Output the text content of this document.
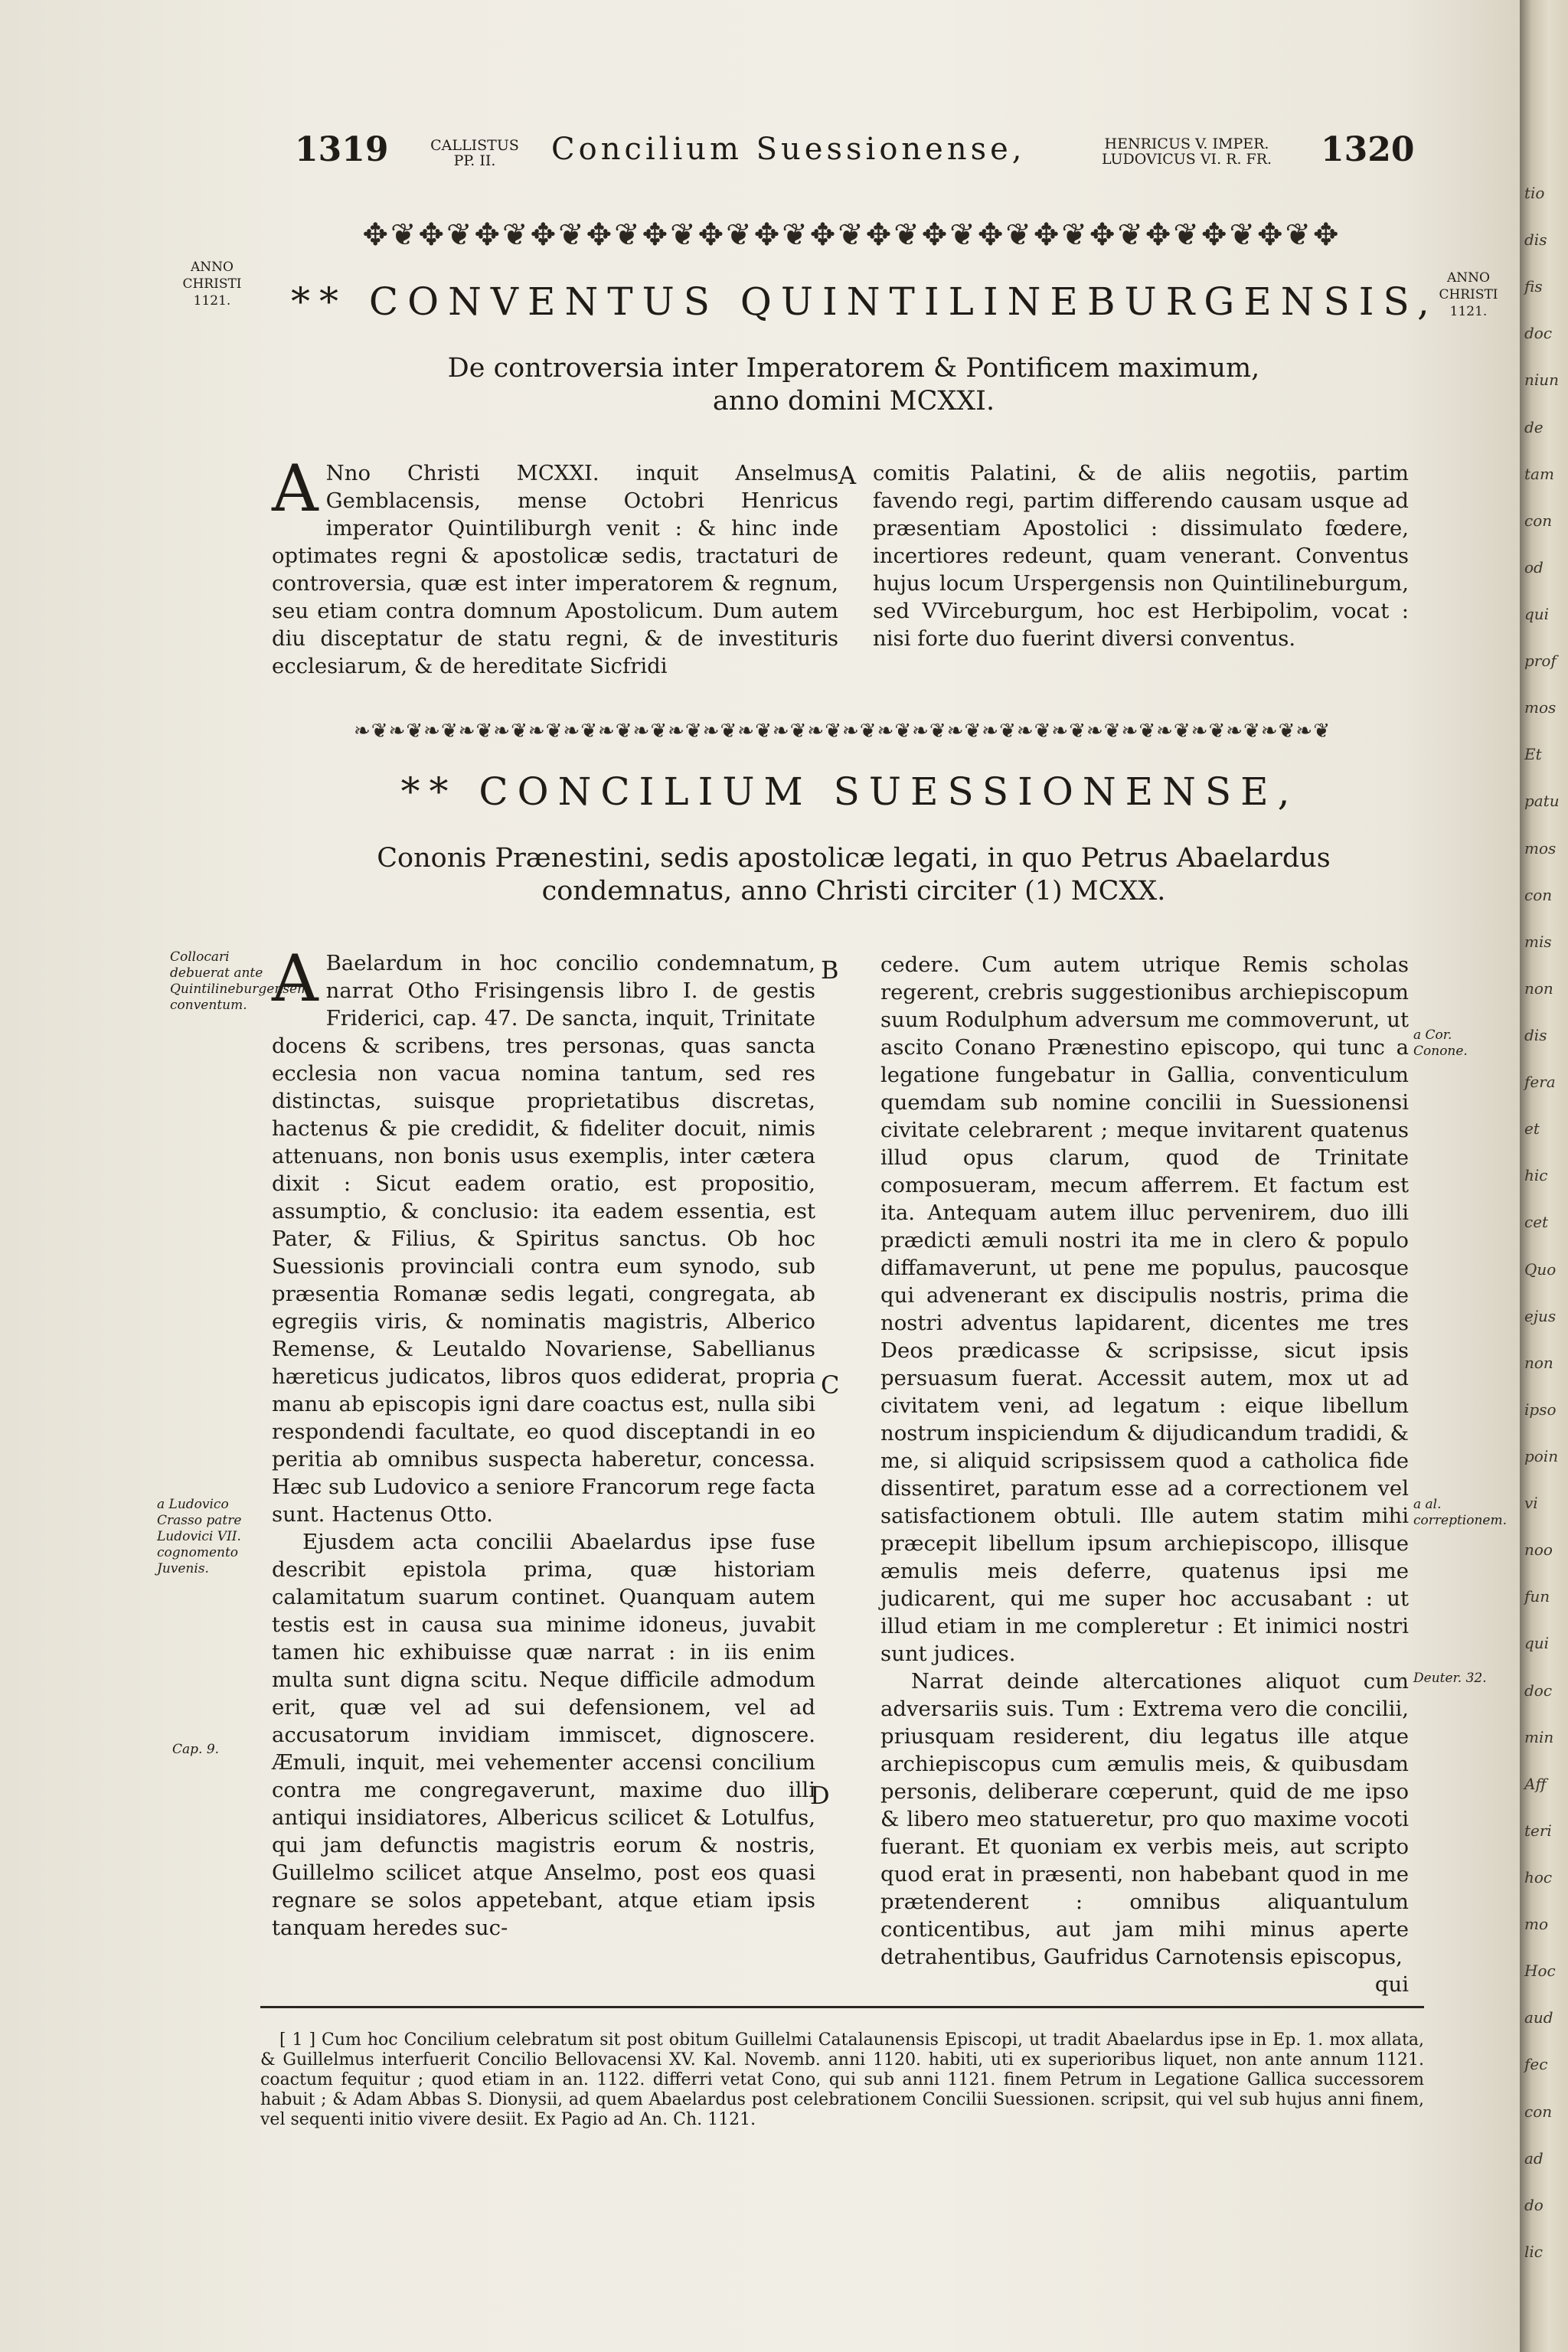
1319	CALLISTUS
PP. II.	Concilium Suessionense,	HENRICUS V. IMPER.
LUDOVICUS VI. R. FR.	1320
✥❦✥❦✥❦✥❦✥❦✥❦✥❦✥❦✥❦✥❦✥❦✥❦✥❦✥❦✥❦✥❦✥❦✥
ANNO
CHRISTI
1121.
ANNO
CHRISTI
1121.
** CONVENTUS QUINTILINEBURGENSIS,
De controversia inter Imperatorem & Pontificem maximum,
anno domini MCXXI.
A Nno Christi MCXXI. inquit Anselmus Gemblacensis, mense Octobri Henricus imperator Quintiliburgh venit : & hinc inde optimates regni & apostolicæ sedis, tractaturi de controversia, quæ est inter imperatorem & regnum, seu etiam contra domnum Apostolicum. Dum autem diu disceptatur de statu regni, & de investituris ecclesiarum, & de hereditate Sicfridi
A comitis Palatini, & de aliis negotiis, partim favendo regi, partim differendo causam usque ad præsentiam Apostolici : dissimulato fœdere, incertiores redeunt, quam venerant. Conventus hujus locum Urspergensis non Quintilineburgum, sed VVirceburgum, hoc est Herbipolim, vocat : nisi forte duo fuerint diversi conventus.
❧❦❧❦❧❦❧❦❧❦❧❦❧❦❧❦❧❦❧❦❧❦❧❦❧❦❧❦❧❦❧❦❧❦❧❦❧❦❧❦❧❦❧❦❧❦❧❦❧❦❧❦❧❦❧❦
** CONCILIUM SUESSIONENSE,
Cononis Prænestini, sedis apostolicæ legati, in quo Petrus Abaelardus
condemnatus, anno Christi circiter (1) MCXX.
Collocari debuerat ante Quintilineburgensem conventum.
a Ludovico Crasso patre Ludovici VII. cognomento Juvenis.
Cap. 9.

A Baelardum in hoc concilio condemnatum, narrat Otho Frisingensis libro I. de gestis Friderici, cap. 47. De sancta, inquit, Trinitate docens & scribens, tres personas, quas sancta ecclesia non vacua nomina tantum, sed res distinctas, suisque proprietatibus discretas, hactenus & pie credidit, & fideliter docuit, nimis attenuans, non bonis usus exemplis, inter cætera dixit : Sicut eadem oratio, est propositio, assumptio, & conclusio: ita eadem essentia, est Pater, & Filius, & Spiritus sanctus. Ob hoc Suessionis provinciali contra eum synodo, sub præsentia Romanæ sedis legati, congregata, ab egregiis viris, & nominatis magistris, Alberico Remense, & Leutaldo Novariense, Sabellianus hæreticus judicatos, libros quos ediderat, propria manu ab episcopis igni dare coactus est, nulla sibi respondendi facultate, eo quod disceptandi in eo peritia ab omnibus suspecta haberetur, concessa. Hæc sub Ludovico a seniore Francorum rege facta sunt. Hactenus Otto.

Ejusdem acta concilii Abaelardus ipse fuse describit epistola prima, quæ historiam calamitatum suarum continet. Quanquam autem testis est in causa sua minime idoneus, juvabit tamen hic exhibuisse quæ narrat : in iis enim multa sunt digna scitu. Neque difficile admodum erit, quæ vel ad sui defensionem, vel ad accusatorum invidiam immiscet, dignoscere. Æmuli, inquit, mei vehementer accensi concilium contra me congregaverunt, maxime duo illi antiqui insidiatores, Albericus scilicet & Lotulfus, qui jam defunctis magistris eorum & nostris, Guillelmo scilicet atque Anselmo, post eos quasi regnare se solos appetebant, atque etiam ipsis tanquam heredes suc-

B
C
D

cedere. Cum autem utrique Remis scholas regerent, crebris suggestionibus archiepiscopum suum Rodulphum adversum me commoverunt, ut ascito Conano Prænestino episcopo, qui tunc a legatione fungebatur in Gallia, conventiculum quemdam sub nomine concilii in Suessionensi civitate celebrarent ; meque invitarent quatenus illud opus clarum, quod de Trinitate composueram, mecum afferrem. Et factum est ita. Antequam autem illuc pervenirem, duo illi prædicti æmuli nostri ita me in clero & populo diffamaverunt, ut pene me populus, paucosque qui advenerant ex discipulis nostris, prima die nostri adventus lapidarent, dicentes me tres Deos prædicasse & scripsisse, sicut ipsis persuasum fuerat. Accessit autem, mox ut ad civitatem veni, ad legatum : eique libellum nostrum inspiciendum & dijudicandum tradidi, & me, si aliquid scripsissem quod a catholica fide dissentiret, paratum esse ad a correctionem vel satisfactionem obtuli. Ille autem statim mihi præcepit libellum ipsum archiepiscopo, illisque æmulis meis deferre, quatenus ipsi me judicarent, qui me super hoc accusabant : ut illud etiam in me compleretur : Et inimici nostri sunt judices.

Narrat deinde altercationes aliquot cum adversariis suis. Tum : Extrema vero die concilii, priusquam residerent, diu legatus ille atque archiepiscopus cum æmulis meis, & quibusdam personis, deliberare cœperunt, quid de me ipso & libero meo statueretur, pro quo maxime vocoti fuerant. Et quoniam ex verbis meis, aut scripto quod erat in præsenti, non habebant quod in me prætenderent : omnibus aliquantulum conticentibus, aut jam mihi minus aperte detrahentibus, Gaufridus Carnotensis episcopus,

qui

a Cor. Conone.
a al. correptionem.
Deuter. 32.

[ 1 ] Cum hoc Concilium celebratum sit post obitum Guillelmi Catalaunensis Episcopi, ut tradit Abaelardus ipse in Ep. 1. mox allata, & Guillelmus interfuerit Concilio Bellovacensi XV. Kal. Novemb. anni 1120. habiti, uti ex superioribus liquet, non ante annum 1121. coactum fequitur ; quod etiam in an. 1122. differri vetat Cono, qui sub anni 1121. finem Petrum in Legatione Gallica successorem habuit ; & Adam Abbas S. Dionysii, ad quem Abaelardus post celebrationem Concilii Suessionen. scripsit, qui vel sub hujus anni finem, vel sequenti initio vivere desiit. Ex Pagio ad An. Ch. 1121.

tio
dis
fis
doc
niun
de
tam
con
od
qui
prof
mos
Et
patu
mos
con
mis
non
dis
fera
et
hic
cet
Quo
ejus
non
ipso
poin
vi
noo
fun
qui
doc
min
Aff
teri
hoc
mo
Hoc
aud
fec
con
ad
do
lic
